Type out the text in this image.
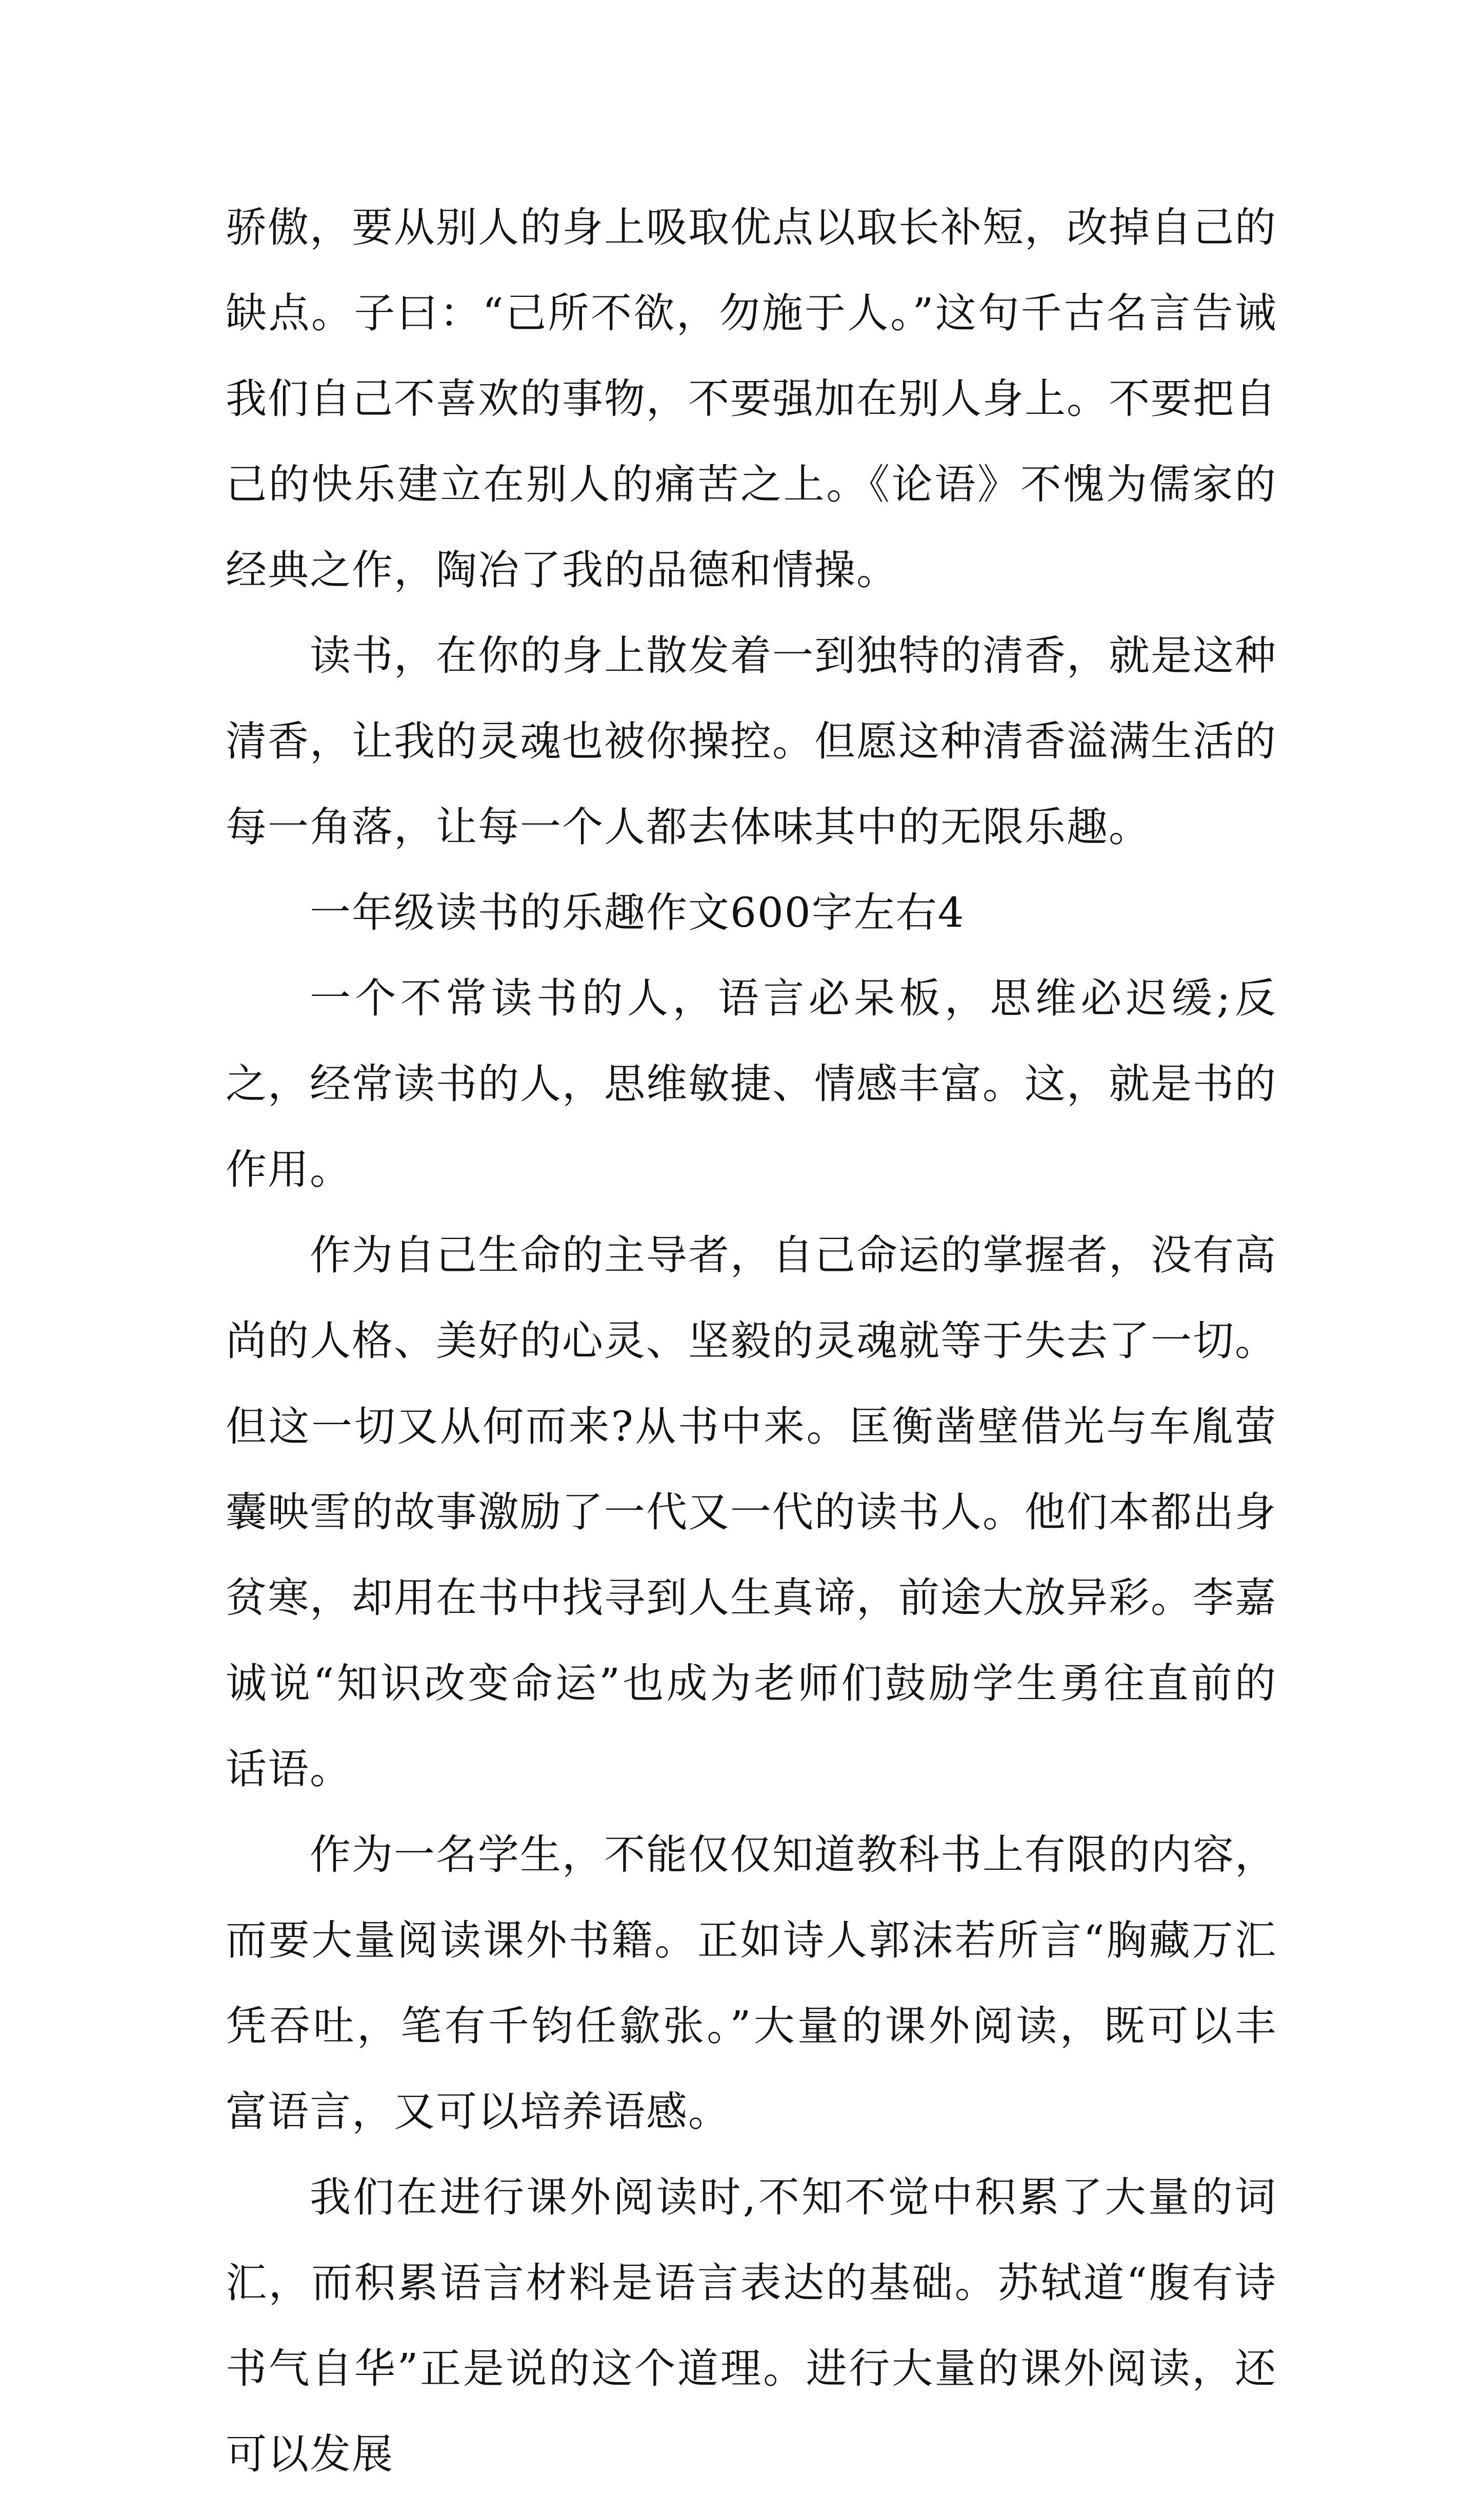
骄傲，要从别人的身上吸取优点以取长补短，改掉自己的缺点。子曰：“己所不欲，勿施于人。”这句千古名言告诫我们自己不喜欢的事物，不要强加在别人身上。不要把自己的快乐建立在别人的痛苦之上。《论语》不愧为儒家的经典之作，陶冶了我的品德和情操。

读书，在你的身上散发着一到独特的清香，就是这种清香，让我的灵魂也被你操控。但愿这种清香溢满生活的每一角落，让每一个人都去体味其中的无限乐趣。

一年级读书的乐趣作文600字左右4

一个不常读书的人，语言必呆板，思维必迟缓;反之，经常读书的人，思维敏捷、情感丰富。这，就是书的作用。

作为自己生命的主导者，自己命运的掌握者，没有高尚的人格、美好的心灵、坚毅的灵魂就等于失去了一切。但这一切又从何而来?从书中来。匡衡凿壁借光与车胤萤囊映雪的故事激励了一代又一代的读书人。他们本都出身贫寒，却用在书中找寻到人生真谛，前途大放异彩。李嘉诚说“知识改变命运”也成为老师们鼓励学生勇往直前的话语。

作为一名学生，不能仅仅知道教科书上有限的内容，而要大量阅读课外书籍。正如诗人郭沫若所言“胸藏万汇凭吞吐，笔有千钧任歙张。”大量的课外阅读，既可以丰富语言，又可以培养语感。

我们在进行课外阅读时,不知不觉中积累了大量的词汇，而积累语言材料是语言表达的基础。苏轼道“腹有诗书气自华”正是说的这个道理。进行大量的课外阅读，还可以发展
